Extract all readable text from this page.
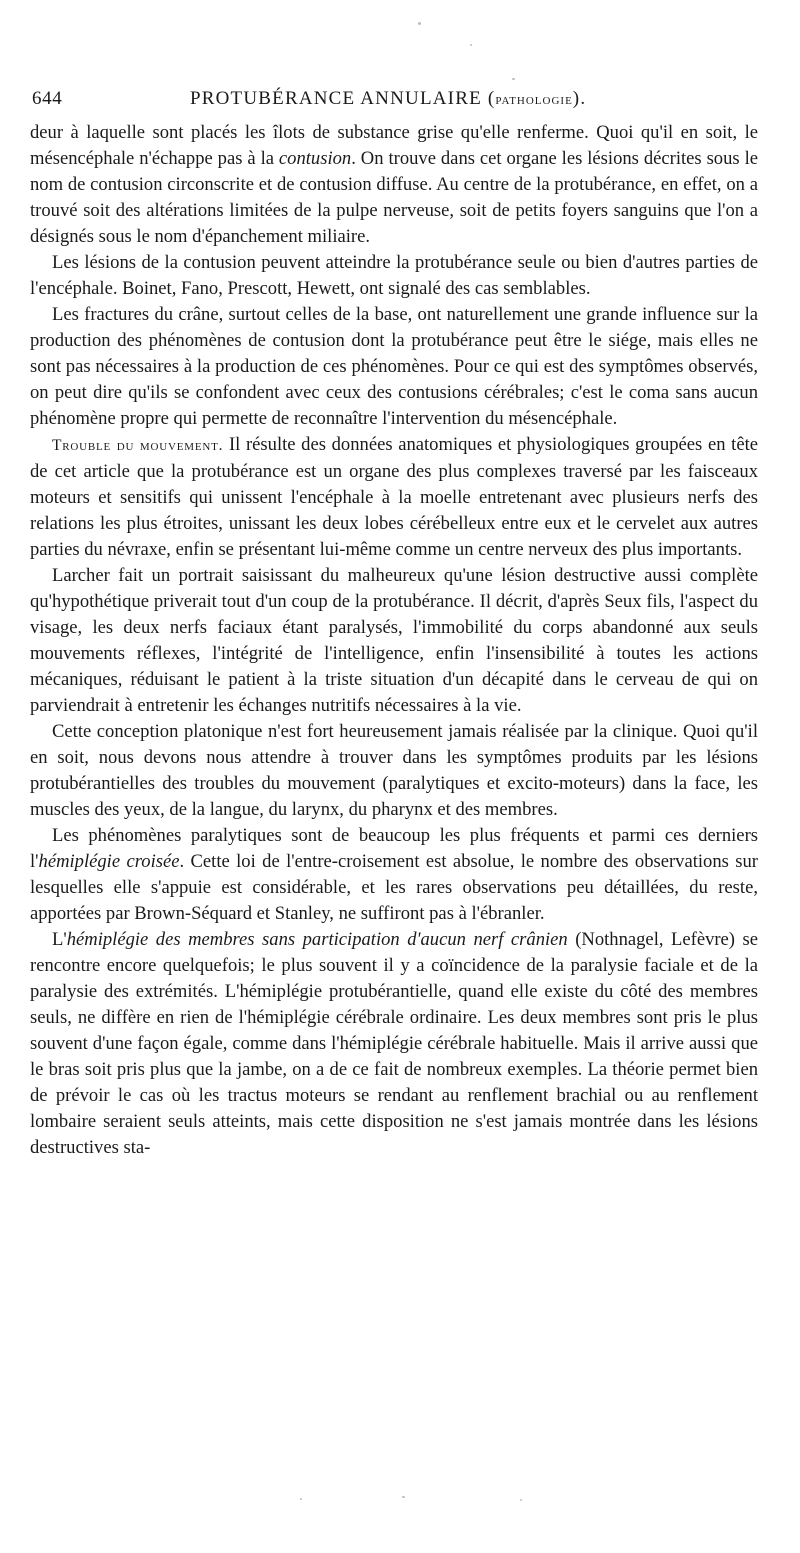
644	PROTUBÉRANCE ANNULAIRE (pathologie).

deur à laquelle sont placés les îlots de substance grise qu'elle renferme. Quoi qu'il en soit, le mésencéphale n'échappe pas à la contusion. On trouve dans cet organe les lésions décrites sous le nom de contusion circonscrite et de contusion diffuse. Au centre de la protubérance, en effet, on a trouvé soit des altérations limitées de la pulpe nerveuse, soit de petits foyers sanguins que l'on a désignés sous le nom d'épanchement miliaire.

Les lésions de la contusion peuvent atteindre la protubérance seule ou bien d'autres parties de l'encéphale. Boinet, Fano, Prescott, Hewett, ont signalé des cas semblables.

Les fractures du crâne, surtout celles de la base, ont naturellement une grande influence sur la production des phénomènes de contusion dont la protubérance peut être le siége, mais elles ne sont pas nécessaires à la production de ces phénomènes. Pour ce qui est des symptômes observés, on peut dire qu'ils se confondent avec ceux des contusions cérébrales; c'est le coma sans aucun phénomène propre qui permette de reconnaître l'intervention du mésencéphale.

Trouble du mouvement. Il résulte des données anatomiques et physiologiques groupées en tête de cet article que la protubérance est un organe des plus complexes traversé par les faisceaux moteurs et sensitifs qui unissent l'encéphale à la moelle entretenant avec plusieurs nerfs des relations les plus étroites, unissant les deux lobes cérébelleux entre eux et le cervelet aux autres parties du névraxe, enfin se présentant lui-même comme un centre nerveux des plus importants.

Larcher fait un portrait saisissant du malheureux qu'une lésion destructive aussi complète qu'hypothétique priverait tout d'un coup de la protubérance. Il décrit, d'après Seux fils, l'aspect du visage, les deux nerfs faciaux étant paralysés, l'immobilité du corps abandonné aux seuls mouvements réflexes, l'intégrité de l'intelligence, enfin l'insensibilité à toutes les actions mécaniques, réduisant le patient à la triste situation d'un décapité dans le cerveau de qui on parviendrait à entretenir les échanges nutritifs nécessaires à la vie.

Cette conception platonique n'est fort heureusement jamais réalisée par la clinique. Quoi qu'il en soit, nous devons nous attendre à trouver dans les symptômes produits par les lésions protubérantielles des troubles du mouvement (paralytiques et excito-moteurs) dans la face, les muscles des yeux, de la langue, du larynx, du pharynx et des membres.

Les phénomènes paralytiques sont de beaucoup les plus fréquents et parmi ces derniers l'hémiplégie croisée. Cette loi de l'entre-croisement est absolue, le nombre des observations sur lesquelles elle s'appuie est considérable, et les rares observations peu détaillées, du reste, apportées par Brown-Séquard et Stanley, ne suffiront pas à l'ébranler.

L'hémiplégie des membres sans participation d'aucun nerf crânien (Nothnagel, Lefèvre) se rencontre encore quelquefois; le plus souvent il y a coïncidence de la paralysie faciale et de la paralysie des extrémités. L'hémiplégie protubérantielle, quand elle existe du côté des membres seuls, ne diffère en rien de l'hémiplégie cérébrale ordinaire. Les deux membres sont pris le plus souvent d'une façon égale, comme dans l'hémiplégie cérébrale habituelle. Mais il arrive aussi que le bras soit pris plus que la jambe, on a de ce fait de nombreux exemples. La théorie permet bien de prévoir le cas où les tractus moteurs se rendant au renflement brachial ou au renflement lombaire seraient seuls atteints, mais cette disposition ne s'est jamais montrée dans les lésions destructives sta-
